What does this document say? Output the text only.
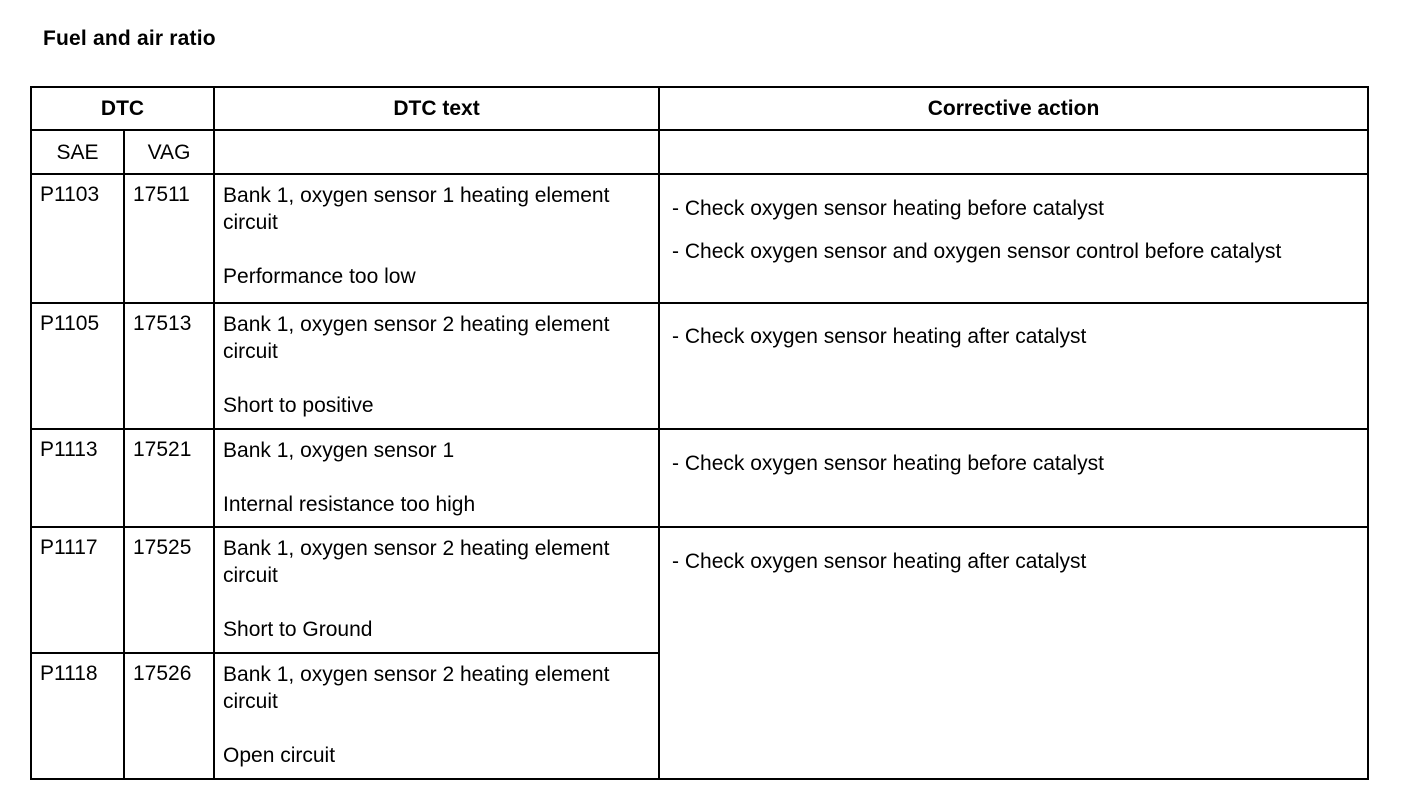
Fuel and air ratio
DTC		DTC text	Corrective action
SAE	VAG		
P1103	17511	Bank 1, oxygen sensor 1 heating element circuit
Performance too low	- Check oxygen sensor heating before catalyst
- Check oxygen sensor and oxygen sensor control before catalyst

P1105	17513	Bank 1, oxygen sensor 2 heating element circuit
Short to positive	- Check oxygen sensor heating after catalyst

P1113	17521	Bank 1, oxygen sensor 1
Internal resistance too high	- Check oxygen sensor heating before catalyst

P1117	17525	Bank 1, oxygen sensor 2 heating element circuit
Short to Ground	- Check oxygen sensor heating after catalyst

P1118	17526	Bank 1, oxygen sensor 2 heating element circuit
Open circuit	
